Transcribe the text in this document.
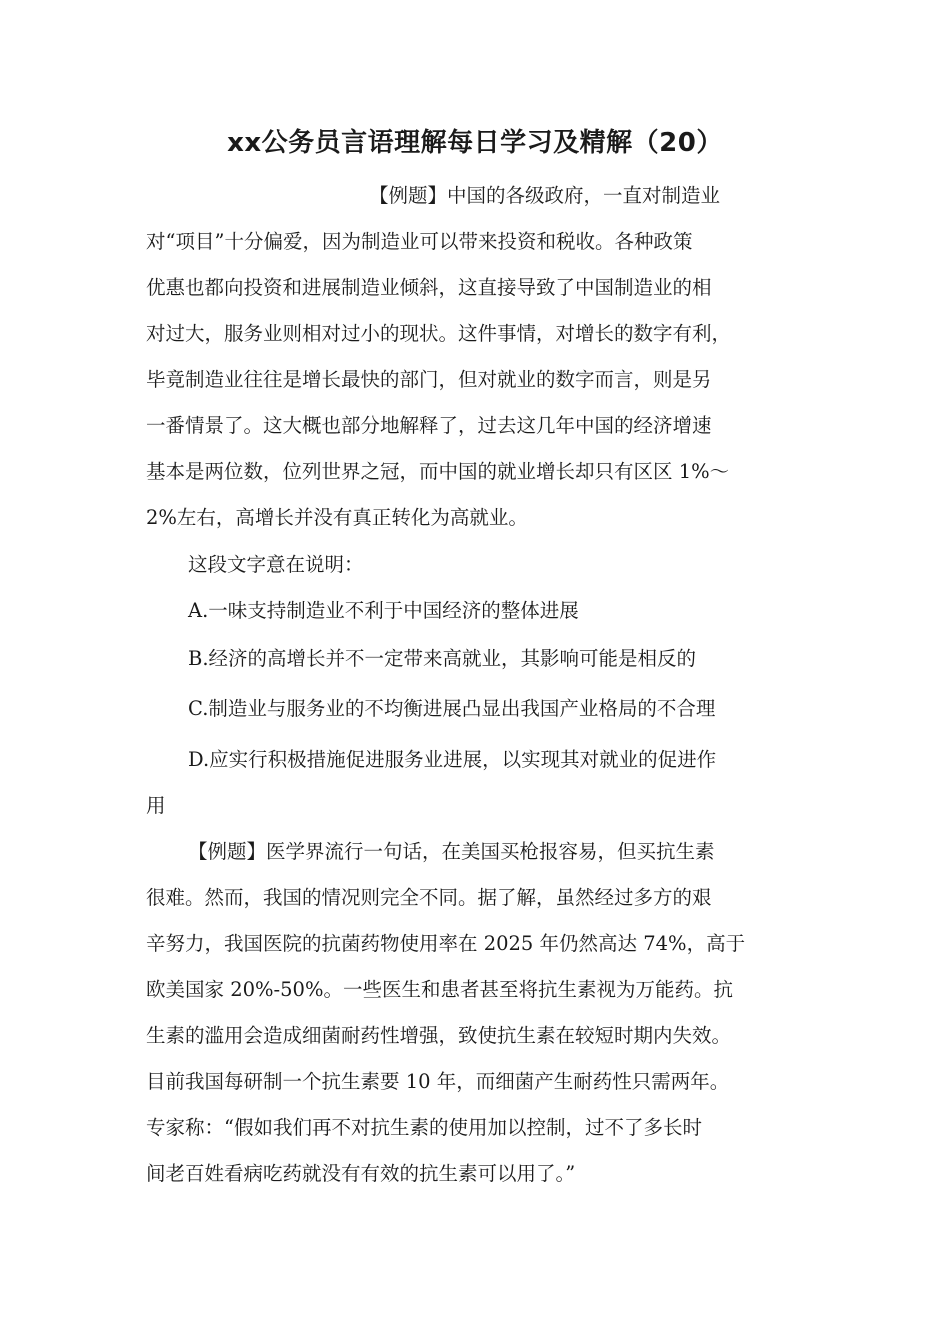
xx公务员言语理解每日学习及精解（20）
【例题】中国的各级政府，一直对制造业
对“项目”十分偏爱，因为制造业可以带来投资和税收。各种政策
优惠也都向投资和进展制造业倾斜，这直接导致了中国制造业的相
对过大，服务业则相对过小的现状。这件事情，对增长的数字有利，
毕竟制造业往往是增长最快的部门，但对就业的数字而言，则是另
一番情景了。这大概也部分地解释了，过去这几年中国的经济增速
基本是两位数，位列世界之冠，而中国的就业增长却只有区区 1%～
2%左右，高增长并没有真正转化为高就业。
这段文字意在说明：
A.一味支持制造业不利于中国经济的整体进展
B.经济的高增长并不一定带来高就业，其影响可能是相反的
C.制造业与服务业的不均衡进展凸显出我国产业格局的不合理
D.应实行积极措施促进服务业进展，以实现其对就业的促进作
用
【例题】医学界流行一句话，在美国买枪报容易，但买抗生素
很难。然而，我国的情况则完全不同。据了解，虽然经过多方的艰
辛努力，我国医院的抗菌药物使用率在 2025 年仍然高达 74%，高于
欧美国家 20%-50%。一些医生和患者甚至将抗生素视为万能药。抗
生素的滥用会造成细菌耐药性增强，致使抗生素在较短时期内失效。
目前我国每研制一个抗生素要 10 年，而细菌产生耐药性只需两年。
专家称：“假如我们再不对抗生素的使用加以控制，过不了多长时
间老百姓看病吃药就没有有效的抗生素可以用了。”
